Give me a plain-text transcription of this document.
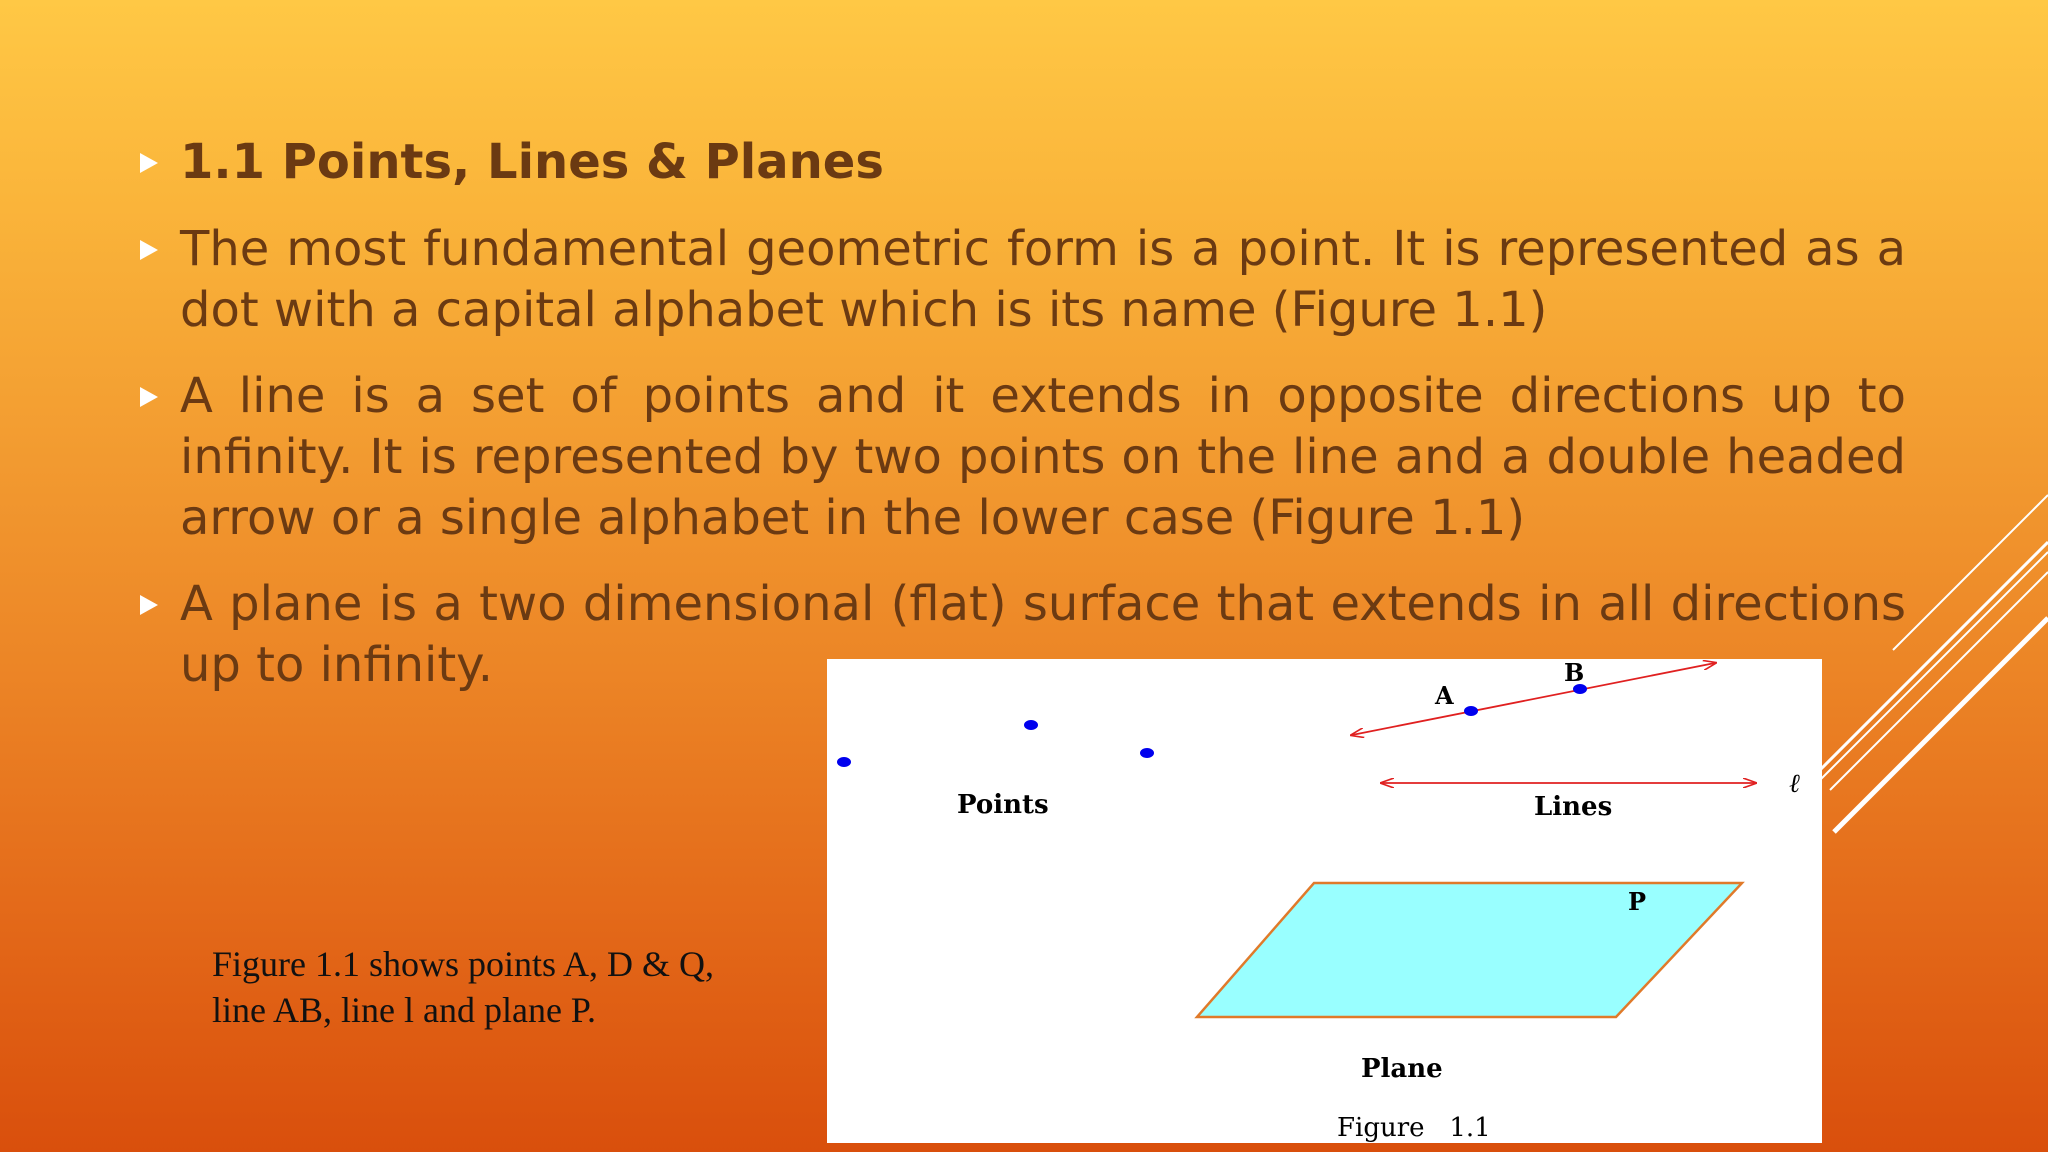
1.1 Points, Lines & Planes
The most fundamental geometric form is a point. It is represented as a dot with a capital alphabet which is its name (Figure 1.1)
A line is a set of points and it extends in opposite directions up to infinity. It is represented by two points on the line and a double headed arrow or a single alphabet in the lower case (Figure 1.1)
A plane is a two dimensional (flat) surface that extends in all directions up to infinity.
Points
A
B
ℓ
Lines
P
Plane
Figure   1.1
Figure 1.1 shows points A, D & Q, line AB, line l and plane P.
